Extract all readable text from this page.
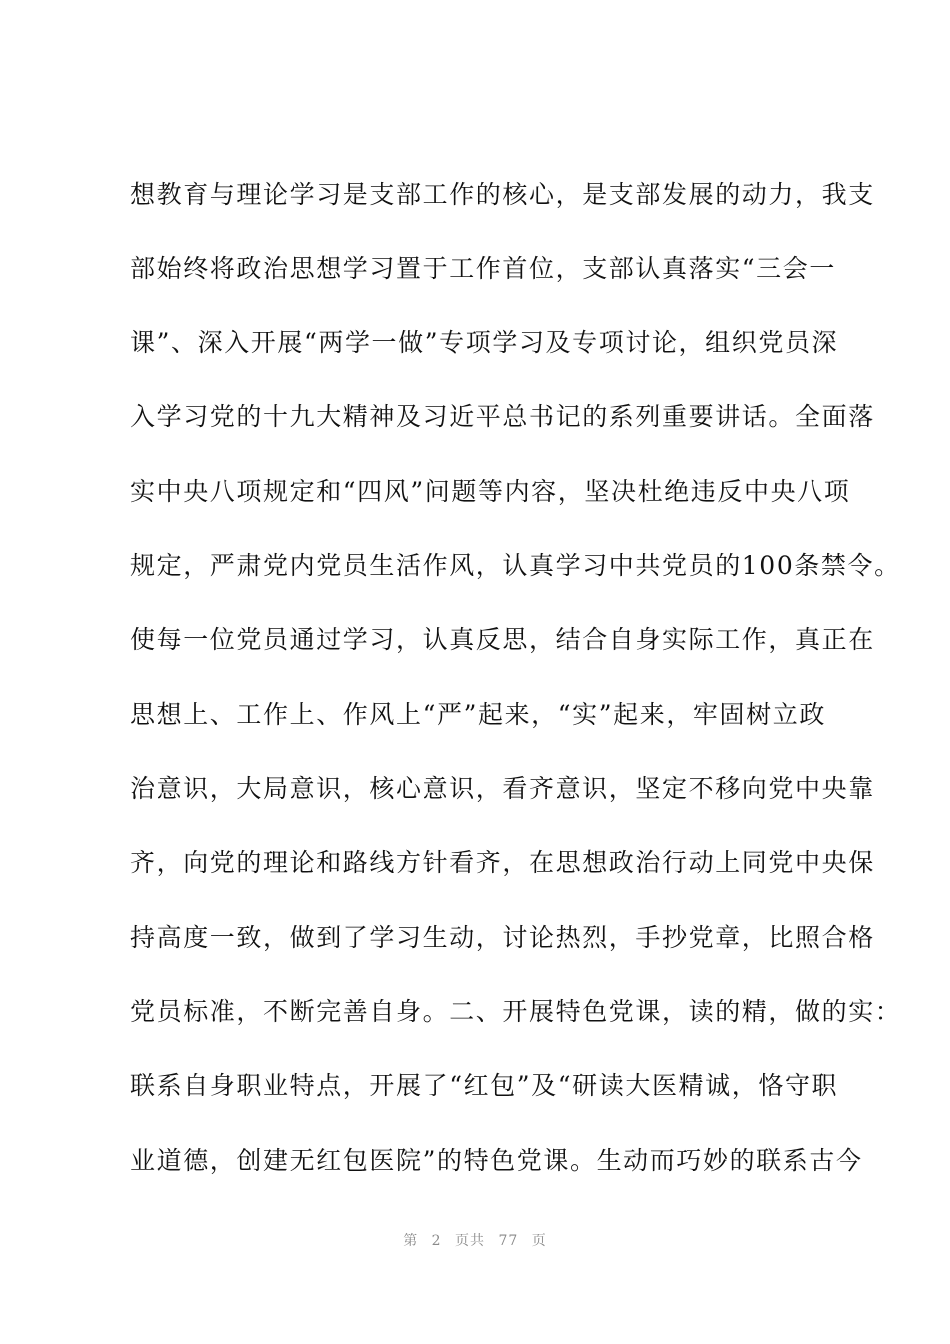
想教育与理论学习是支部工作的核心，是支部发展的动力，我支
部始终将政治思想学习置于工作首位，支部认真落实“三会一
课”、深入开展“两学一做”专项学习及专项讨论，组织党员深
入学习党的十九大精神及习近平总书记的系列重要讲话。全面落
实中央八项规定和“四风”问题等内容，坚决杜绝违反中央八项
规定，严肃党内党员生活作风，认真学习中共党员的100条禁令。
使每一位党员通过学习，认真反思，结合自身实际工作，真正在
思想上、工作上、作风上“严”起来，“实”起来，牢固树立政
治意识，大局意识，核心意识，看齐意识，坚定不移向党中央靠
齐，向党的理论和路线方针看齐，在思想政治行动上同党中央保
持高度一致，做到了学习生动，讨论热烈，手抄党章，比照合格
党员标准，不断完善自身。二、开展特色党课，读的精，做的实：
联系自身职业特点，开展了“红包”及“研读大医精诚，恪守职
业道德，创建无红包医院”的特色党课。生动而巧妙的联系古今
第 2 页共 77 页
